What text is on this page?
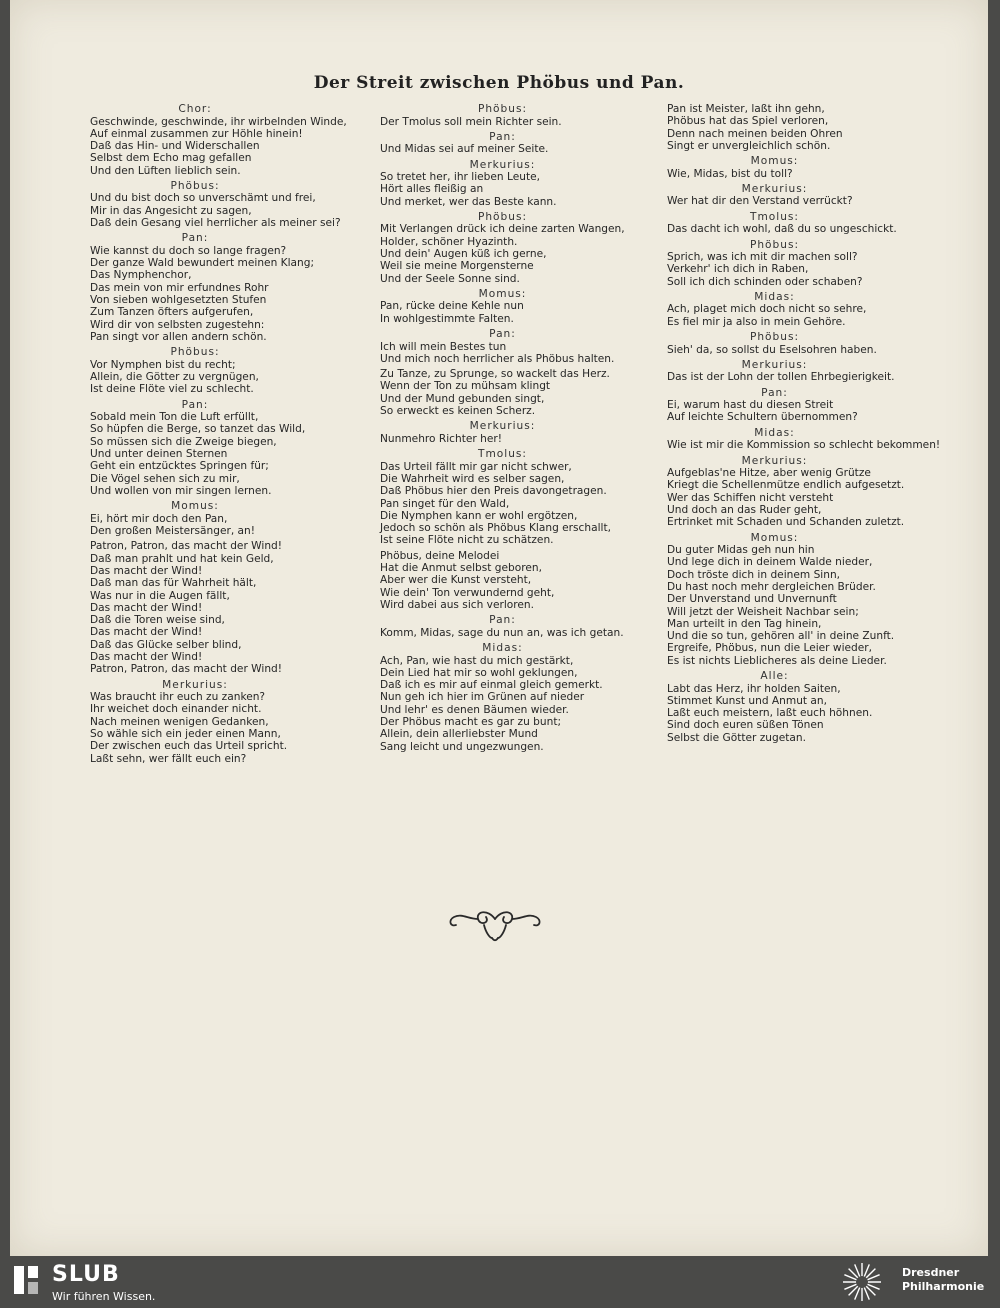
Der Streit zwischen Phöbus und Pan.
Chor:
Geschwinde, geschwinde, ihr wirbelnden Winde,
Auf einmal zusammen zur Höhle hinein!
Daß das Hin- und Widerschallen
Selbst dem Echo mag gefallen
Und den Lüften lieblich sein.
Phöbus:
Und du bist doch so unverschämt und frei,
Mir in das Angesicht zu sagen,
Daß dein Gesang viel herrlicher als meiner sei?
Pan:
Wie kannst du doch so lange fragen?
Der ganze Wald bewundert meinen Klang;
Das Nymphenchor,
Das mein von mir erfundnes Rohr
Von sieben wohlgesetzten Stufen
Zum Tanzen öfters aufgerufen,
Wird dir von selbsten zugestehn:
Pan singt vor allen andern schön.
Phöbus:
Vor Nymphen bist du recht;
Allein, die Götter zu vergnügen,
Ist deine Flöte viel zu schlecht.
Pan:
Sobald mein Ton die Luft erfüllt,
So hüpfen die Berge, so tanzet das Wild,
So müssen sich die Zweige biegen,
Und unter deinen Sternen
Geht ein entzücktes Springen für;
Die Vögel sehen sich zu mir,
Und wollen von mir singen lernen.
Momus:
Ei, hört mir doch den Pan,
Den großen Meistersänger, an!
Patron, Patron, das macht der Wind!
Daß man prahlt und hat kein Geld,
Das macht der Wind!
Daß man das für Wahrheit hält,
Was nur in die Augen fällt,
Das macht der Wind!
Daß die Toren weise sind,
Das macht der Wind!
Daß das Glücke selber blind,
Das macht der Wind!
Patron, Patron, das macht der Wind!
Merkurius:
Was braucht ihr euch zu zanken?
Ihr weichet doch einander nicht.
Nach meinen wenigen Gedanken,
So wähle sich ein jeder einen Mann,
Der zwischen euch das Urteil spricht.
Laßt sehn, wer fällt euch ein?
Phöbus:
Der Tmolus soll mein Richter sein.
Pan:
Und Midas sei auf meiner Seite.
Merkurius:
So tretet her, ihr lieben Leute,
Hört alles fleißig an
Und merket, wer das Beste kann.
Phöbus:
Mit Verlangen drück ich deine zarten Wangen,
Holder, schöner Hyazinth.
Und dein' Augen küß ich gerne,
Weil sie meine Morgensterne
Und der Seele Sonne sind.
Momus:
Pan, rücke deine Kehle nun
In wohlgestimmte Falten.
Pan:
Ich will mein Bestes tun
Und mich noch herrlicher als Phöbus halten.
Zu Tanze, zu Sprunge, so wackelt das Herz.
Wenn der Ton zu mühsam klingt
Und der Mund gebunden singt,
So erweckt es keinen Scherz.
Merkurius:
Nunmehro Richter her!
Tmolus:
Das Urteil fällt mir gar nicht schwer,
Die Wahrheit wird es selber sagen,
Daß Phöbus hier den Preis davongetragen.
Pan singet für den Wald,
Die Nymphen kann er wohl ergötzen,
Jedoch so schön als Phöbus Klang erschallt,
Ist seine Flöte nicht zu schätzen.
Phöbus, deine Melodei
Hat die Anmut selbst geboren,
Aber wer die Kunst versteht,
Wie dein' Ton verwundernd geht,
Wird dabei aus sich verloren.
Pan:
Komm, Midas, sage du nun an, was ich getan.
Midas:
Ach, Pan, wie hast du mich gestärkt,
Dein Lied hat mir so wohl geklungen,
Daß ich es mir auf einmal gleich gemerkt.
Nun geh ich hier im Grünen auf nieder
Und lehr' es denen Bäumen wieder.
Der Phöbus macht es gar zu bunt;
Allein, dein allerliebster Mund
Sang leicht und ungezwungen.
Pan ist Meister, laßt ihn gehn,
Phöbus hat das Spiel verloren,
Denn nach meinen beiden Ohren
Singt er unvergleichlich schön.
Momus:
Wie, Midas, bist du toll?
Merkurius:
Wer hat dir den Verstand verrückt?
Tmolus:
Das dacht ich wohl, daß du so ungeschickt.
Phöbus:
Sprich, was ich mit dir machen soll?
Verkehr' ich dich in Raben,
Soll ich dich schinden oder schaben?
Midas:
Ach, plaget mich doch nicht so sehre,
Es fiel mir ja also in mein Gehöre.
Phöbus:
Sieh' da, so sollst du Eselsohren haben.
Merkurius:
Das ist der Lohn der tollen Ehrbegierigkeit.
Pan:
Ei, warum hast du diesen Streit
Auf leichte Schultern übernommen?
Midas:
Wie ist mir die Kommission so schlecht bekommen!
Merkurius:
Aufgeblas'ne Hitze, aber wenig Grütze
Kriegt die Schellenmütze endlich aufgesetzt.
Wer das Schiffen nicht versteht
Und doch an das Ruder geht,
Ertrinket mit Schaden und Schanden zuletzt.
Momus:
Du guter Midas geh nun hin
Und lege dich in deinem Walde nieder,
Doch tröste dich in deinem Sinn,
Du hast noch mehr dergleichen Brüder.
Der Unverstand und Unvernunft
Will jetzt der Weisheit Nachbar sein;
Man urteilt in den Tag hinein,
Und die so tun, gehören all' in deine Zunft.
Ergreife, Phöbus, nun die Leier wieder,
Es ist nichts Lieblicheres als deine Lieder.
Alle:
Labt das Herz, ihr holden Saiten,
Stimmet Kunst und Anmut an,
Laßt euch meistern, laßt euch höhnen.
Sind doch euren süßen Tönen
Selbst die Götter zugetan.
SLUB
Wir führen Wissen.
Dresdner
Philharmonie
